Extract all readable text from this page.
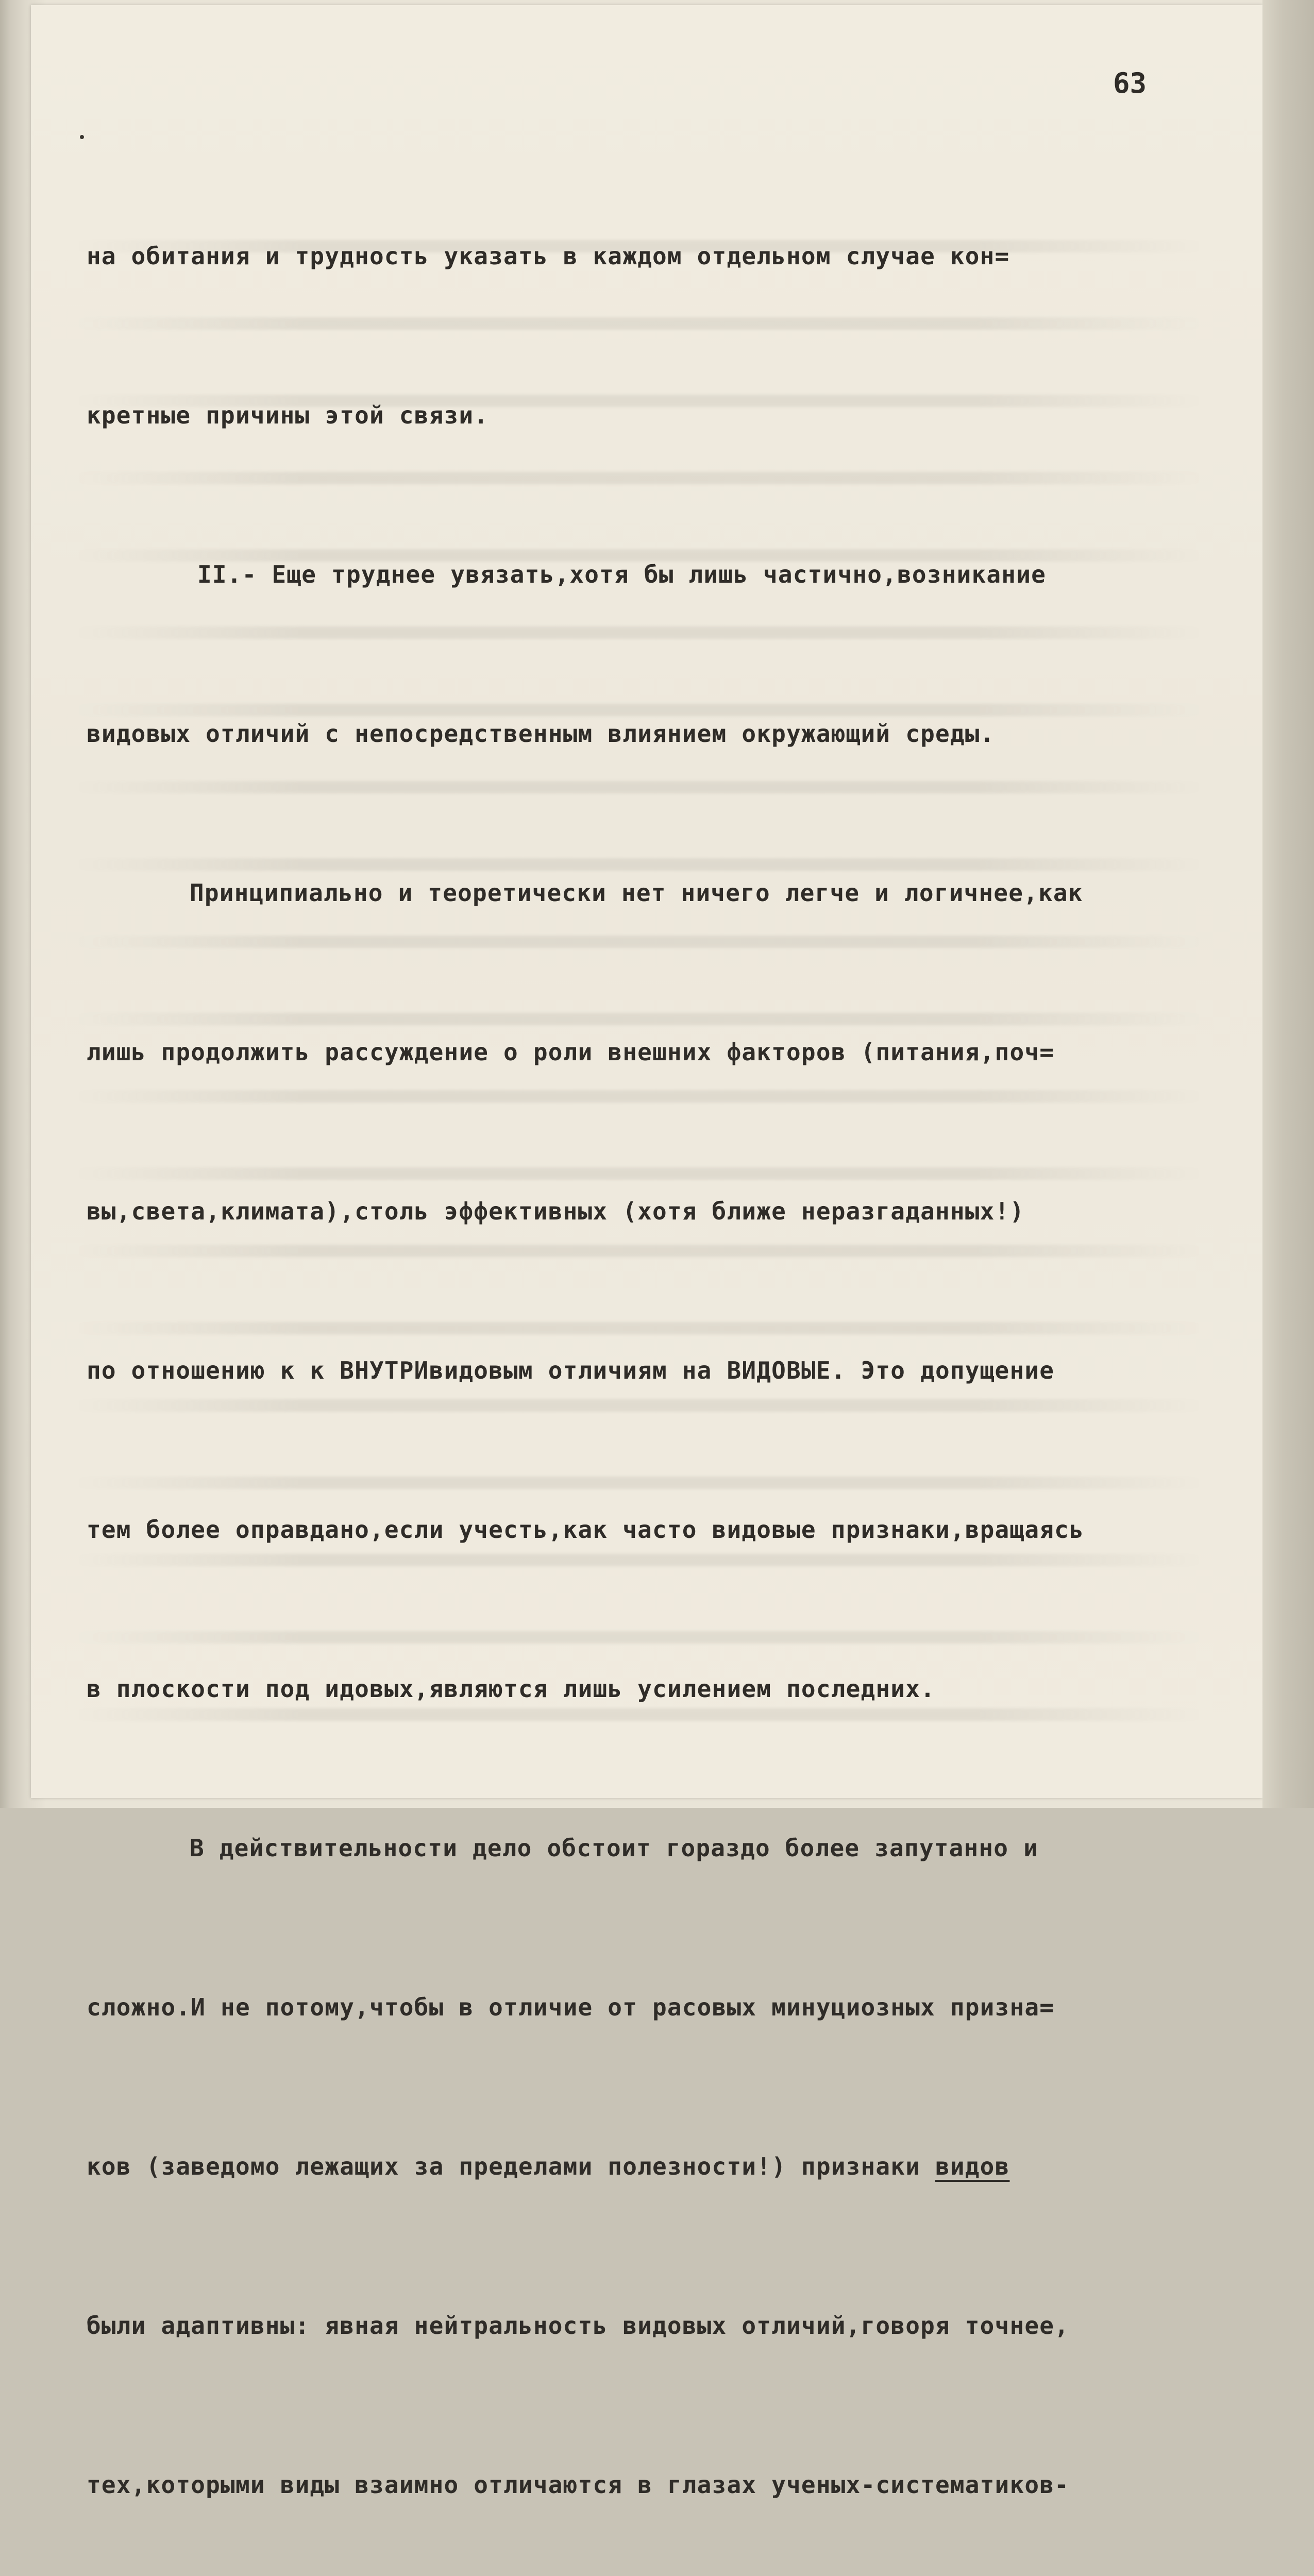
63

на обитания и трудность указать в каждом отдельном случае кон=

кретные причины этой связи.

II.- Еще труднее увязать,хотя бы лишь частично,возникание

видовых отличий с непосредственным влиянием окружающий среды.

Принципиально и теоретически нет ничего легче и логичнее,как

лишь продолжить рассуждение о роли внешних факторов (питания,поч=

вы,света,климата),столь эффективных (хотя ближе неразгаданных!)

по отношению к к ВНУТРИвидовым отличиям на ВИДОВЫЕ. Это допущение

тем более оправдано,если учесть,как часто видовые признаки,вращаясь

в плоскости под идовых,являются лишь усилением последних.

В действительности дело обстоит гораздо более запутанно и

сложно.И не потому,чтобы в отличие от расовых минуциозных призна=

ков (заведомо лежащих за пределами полезности!) признаки видов

были адаптивны: явная нейтральность видовых отличий,говоря точнее,

тех,которыми виды взаимно отличаются в глазах ученых-систематиков-
